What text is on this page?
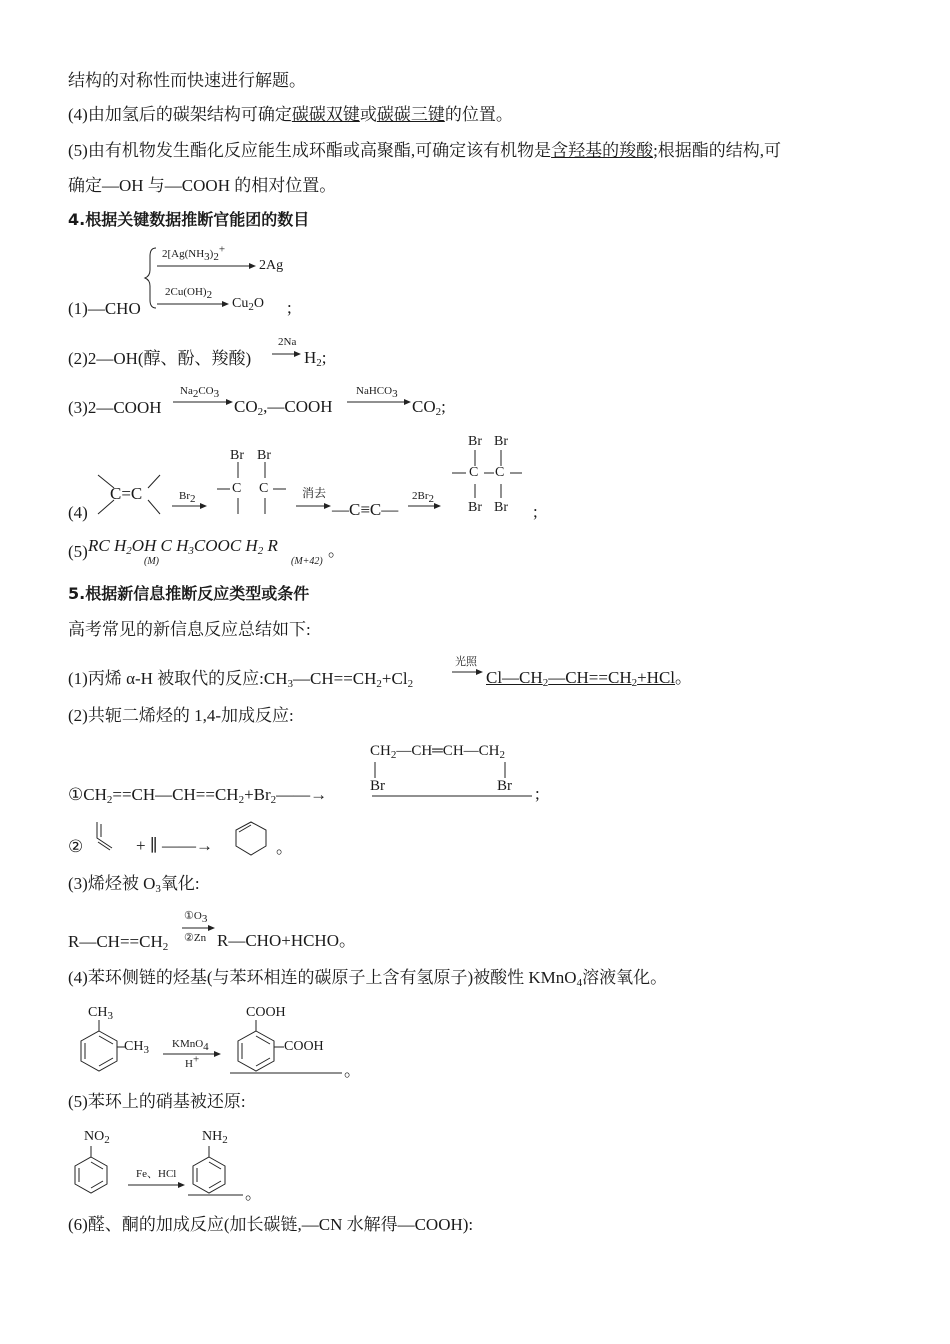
结构的对称性而快速进行解题。
(4)由加氢后的碳架结构可确定碳碳双键或碳碳三键的位置。
(5)由有机物发生酯化反应能生成环酯或高聚酯,可确定该有机物是含羟基的羧酸;根据酯的结构,可
确定—OH 与—COOH 的相对位置。
4.根据关键数据推断官能团的数目
(1)—CHO
$2[Ag(NH_3)_2^+$
2Ag
$2Cu(OH)_2$
$Cu_2O$ ;
(2)2—OH(醇、酚、羧酸)
2Na
$H_2$;
(3)2—COOH
$Na_2CO_3$
$CO_2,—COOH$
NaHCO$_3$
$CO_2$;
(4)
C=C	$Br_2$
Br Br
C C	消去
—C≡C—
$2Br_2$
Br Br
C C
Br Br ;
(5) RC $H_2OH$ C $H_3COOC$ $H_2$ R
(M)	(M+42)
。
5.根据新信息推断反应类型或条件
高考常见的新信息反应总结如下:
(1)丙烯 α-H 被取代的反应$:CH_3—CH==CH_2+Cl_2$
光照
$Cl—CH_2—CH==CH_2+HCl$。
(2)共轭二烯烃的 1,4-加成反应:
$CH_2—CH═CH—CH_2$
Br	Br
$①CH_2==CH—CH==CH_2+Br_2——\to$	;
②	+ ∥ ——→	。
(3)烯烃被 $O_3$氧化:
$①O_3$
②Zn
$R—CH==CH_2$	R—CHO+HCHO。
(4)苯环侧链的烃基(与苯环相连的碳原子上含有氢原子)被酸性 KMnO$_4$溶液氧化。
$CH_3$
$CH_3$ KMnO$_4$
H+
COOH
COOH
。
(5)苯环上的硝基被还原:
$NO_2$
Fe、HCl
$NH_2$
。
(6)醛、酮的加成反应(加长碳链,—CN 水解得—COOH):
